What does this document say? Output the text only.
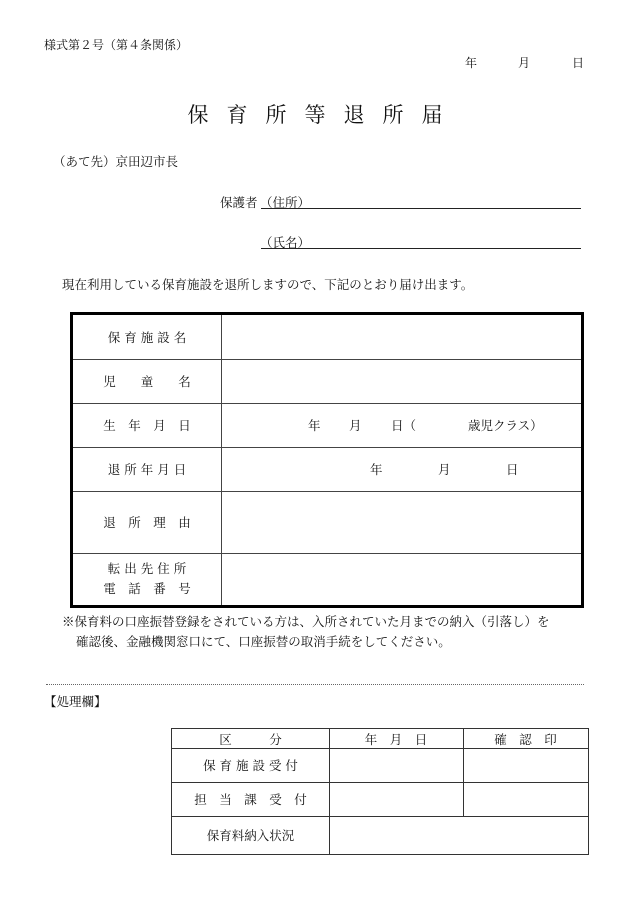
様式第２号（第４条関係）
年	月	日
保育所等退所届
（あて先）京田辺市長
保護者 （住所）
（氏名）
現在利用している保育施設を退所しますので、下記のとおり届け出ます。
保 育 施 設 名
児　　童　　名
生　年　月　日	年 月 日（	歳児クラス）
退 所 年 月 日	年	月	日
退　所　理　由
転 出 先 住 所
電　話　番　号
※保育料の口座振替登録をされている方は、入所されていた月までの納入（引落し）を
確認後、金融機関窓口にて、口座振替の取消手続をしてください。
【処理欄】
区　　　分	年　月　日	確　認　印
保 育 施 設 受 付
担　当　課　受　付
保育料納入状況
